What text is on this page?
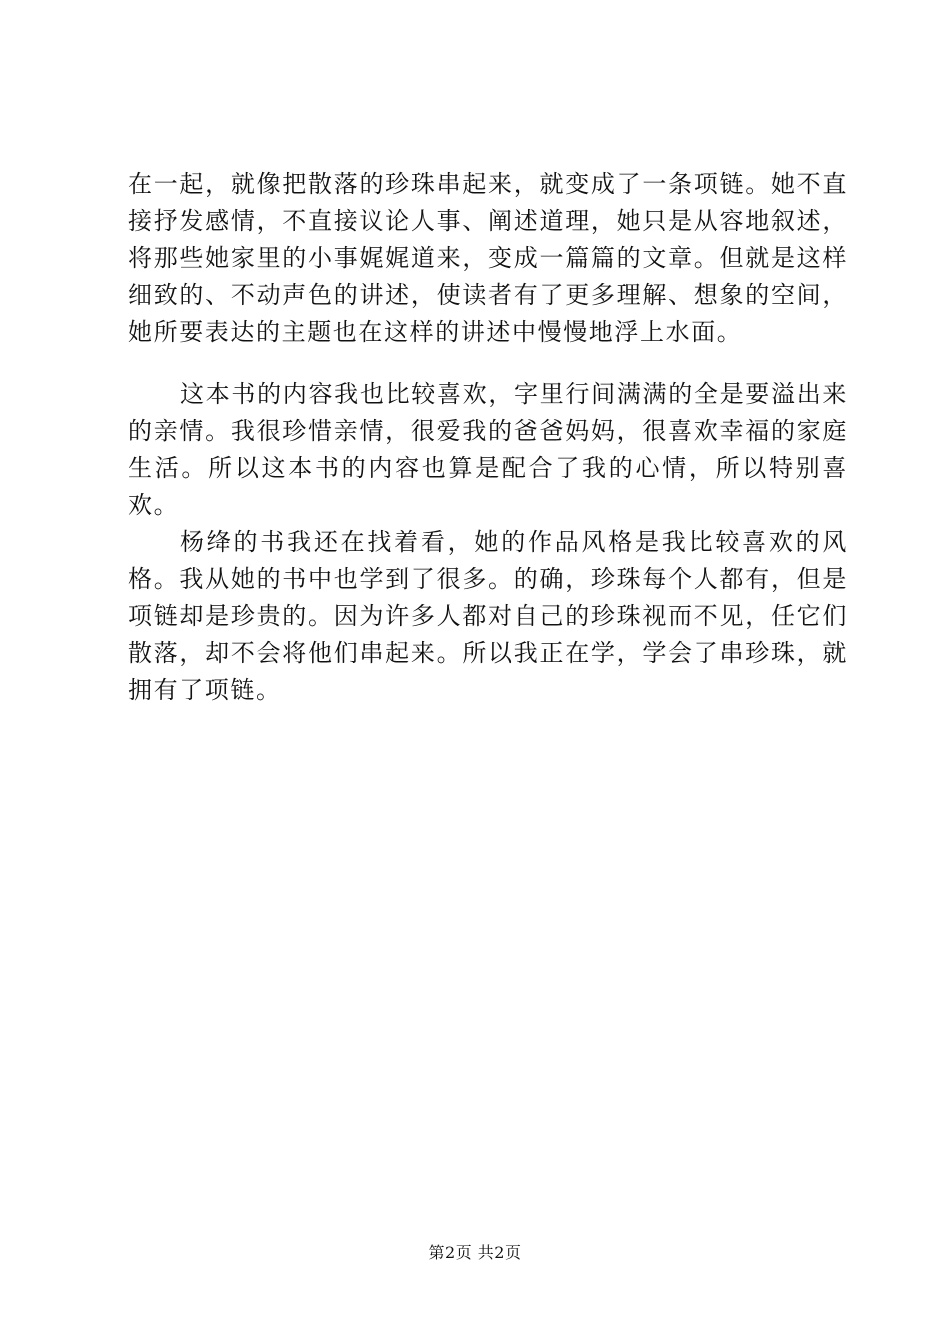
在一起，就像把散落的珍珠串起来，就变成了一条项链。她不直接抒发感情，不直接议论人事、阐述道理，她只是从容地叙述，将那些她家里的小事娓娓道来，变成一篇篇的文章。但就是这样细致的、不动声色的讲述，使读者有了更多理解、想象的空间，她所要表达的主题也在这样的讲述中慢慢地浮上水面。

这本书的内容我也比较喜欢，字里行间满满的全是要溢出来的亲情。我很珍惜亲情，很爱我的爸爸妈妈，很喜欢幸福的家庭生活。所以这本书的内容也算是配合了我的心情，所以特别喜欢。

杨绛的书我还在找着看，她的作品风格是我比较喜欢的风格。我从她的书中也学到了很多。的确，珍珠每个人都有，但是项链却是珍贵的。因为许多人都对自己的珍珠视而不见，任它们散落，却不会将他们串起来。所以我正在学，学会了串珍珠，就拥有了项链。

第2页 共2页
